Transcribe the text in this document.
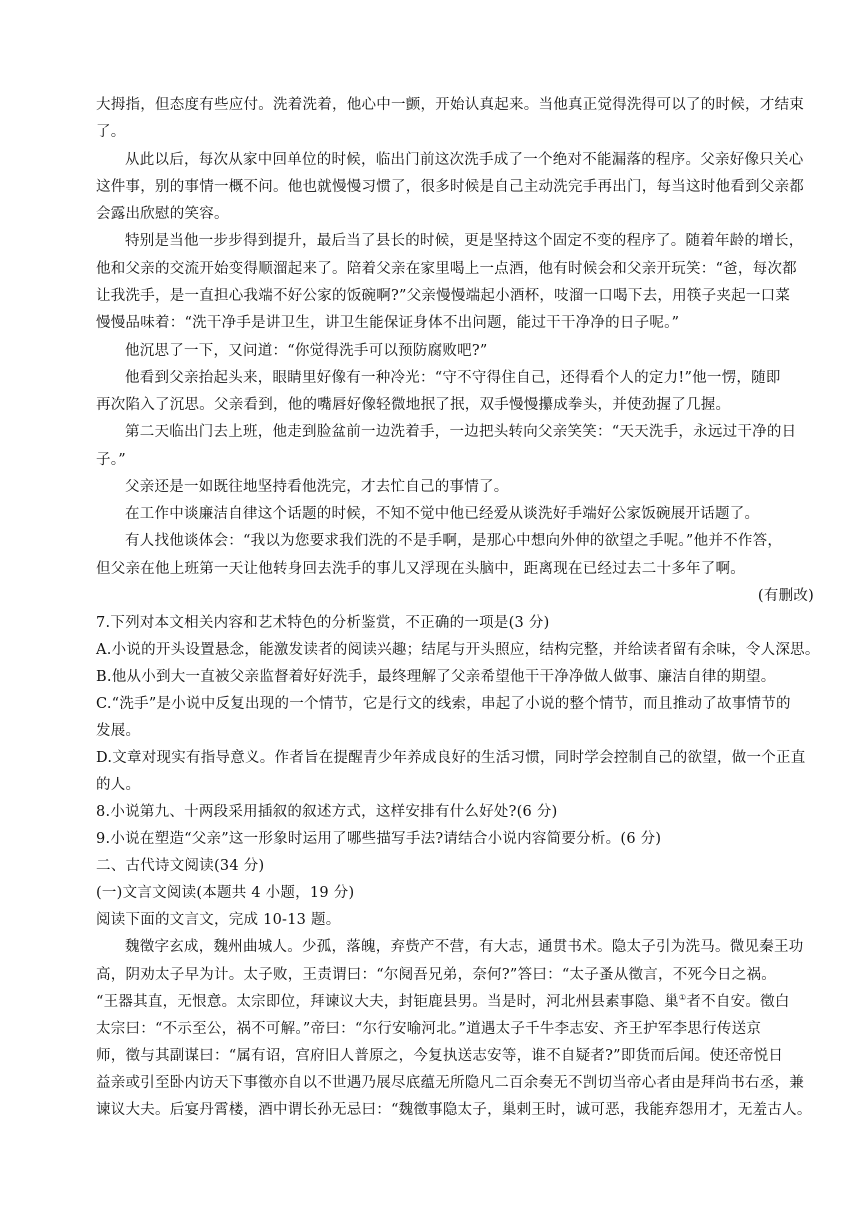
大拇指，但态度有些应付。洗着洗着，他心中一颤，开始认真起来。当他真正觉得洗得可以了的时候，才结束
了。
从此以后，每次从家中回单位的时候，临出门前这次洗手成了一个绝对不能漏落的程序。父亲好像只关心
这件事，别的事情一概不问。他也就慢慢习惯了，很多时候是自己主动洗完手再出门，每当这时他看到父亲都
会露出欣慰的笑容。
特别是当他一步步得到提升，最后当了县长的时候，更是坚持这个固定不变的程序了。随着年龄的增长，
他和父亲的交流开始变得顺溜起来了。陪着父亲在家里喝上一点酒，他有时候会和父亲开玩笑：“爸，每次都
让我洗手，是一直担心我端不好公家的饭碗啊?”父亲慢慢端起小酒杯，吱溜一口喝下去，用筷子夹起一口菜
慢慢品味着：“洗干净手是讲卫生，讲卫生能保证身体不出问题，能过干干净净的日子呢。”
他沉思了一下，又问道：“你觉得洗手可以预防腐败吧?”
他看到父亲抬起头来，眼睛里好像有一种冷光：“守不守得住自己，还得看个人的定力!”他一愣，随即
再次陷入了沉思。父亲看到，他的嘴唇好像轻微地抿了抿，双手慢慢攥成拳头，并使劲握了几握。
第二天临出门去上班，他走到脸盆前一边洗着手，一边把头转向父亲笑笑：“天天洗手，永远过干净的日
子。”
父亲还是一如既往地坚持看他洗完，才去忙自己的事情了。
在工作中谈廉洁自律这个话题的时候，不知不觉中他已经爱从谈洗好手端好公家饭碗展开话题了。
有人找他谈体会：“我以为您要求我们洗的不是手啊，是那心中想向外伸的欲望之手呢。”他并不作答，
但父亲在他上班第一天让他转身回去洗手的事儿又浮现在头脑中，距离现在已经过去二十多年了啊。
(有删改)
7.下列对本文相关内容和艺术特色的分析鉴赏，不正确的一项是(3 分)
A.小说的开头设置悬念，能激发读者的阅读兴趣；结尾与开头照应，结构完整，并给读者留有余味，令人深思。
B.他从小到大一直被父亲监督着好好洗手，最终理解了父亲希望他干干净净做人做事、廉洁自律的期望。
C.“洗手”是小说中反复出现的一个情节，它是行文的线索，串起了小说的整个情节，而且推动了故事情节的
发展。
D.文章对现实有指导意义。作者旨在提醒青少年养成良好的生活习惯，同时学会控制自己的欲望，做一个正直
的人。
8.小说第九、十两段采用插叙的叙述方式，这样安排有什么好处?(6 分)
9.小说在塑造“父亲”这一形象时运用了哪些描写手法?请结合小说内容简要分析。(6 分)
二、古代诗文阅读(34 分)
(一)文言文阅读(本题共 4 小题，19 分)
阅读下面的文言文，完成 10-13 题。
魏徵字玄成，魏州曲城人。少孤，落魄，弃赀产不营，有大志，通贯书术。隐太子引为洗马。微见秦王功
高，阴劝太子早为计。太子败，王责谓曰：“尔阋吾兄弟，奈何?”答曰：“太子蚤从徵言，不死今日之祸。
“王器其直，无恨意。太宗即位，拜谏议大夫，封钜鹿县男。当是时，河北州县素事隐、巢①者不自安。徵白
太宗曰：“不示至公，祸不可解。”帝曰：“尔行安喻河北。”道遇太子千牛李志安、齐王护军李思行传送京
师，徵与其副谋曰：“属有诏，宫府旧人普原之，今复执送志安等，谁不自疑者?”即货而后闻。使还帝悦日
益亲或引至卧内访天下事徵亦自以不世遇乃展尽底蕴无所隐凡二百余奏无不剀切当帝心者由是拜尚书右丞，兼
谏议大夫。后宴丹霄楼，酒中谓长孙无忌曰：“魏徵事隐太子，巢剌王时，诚可恶，我能弃怨用才，无羞古人。
